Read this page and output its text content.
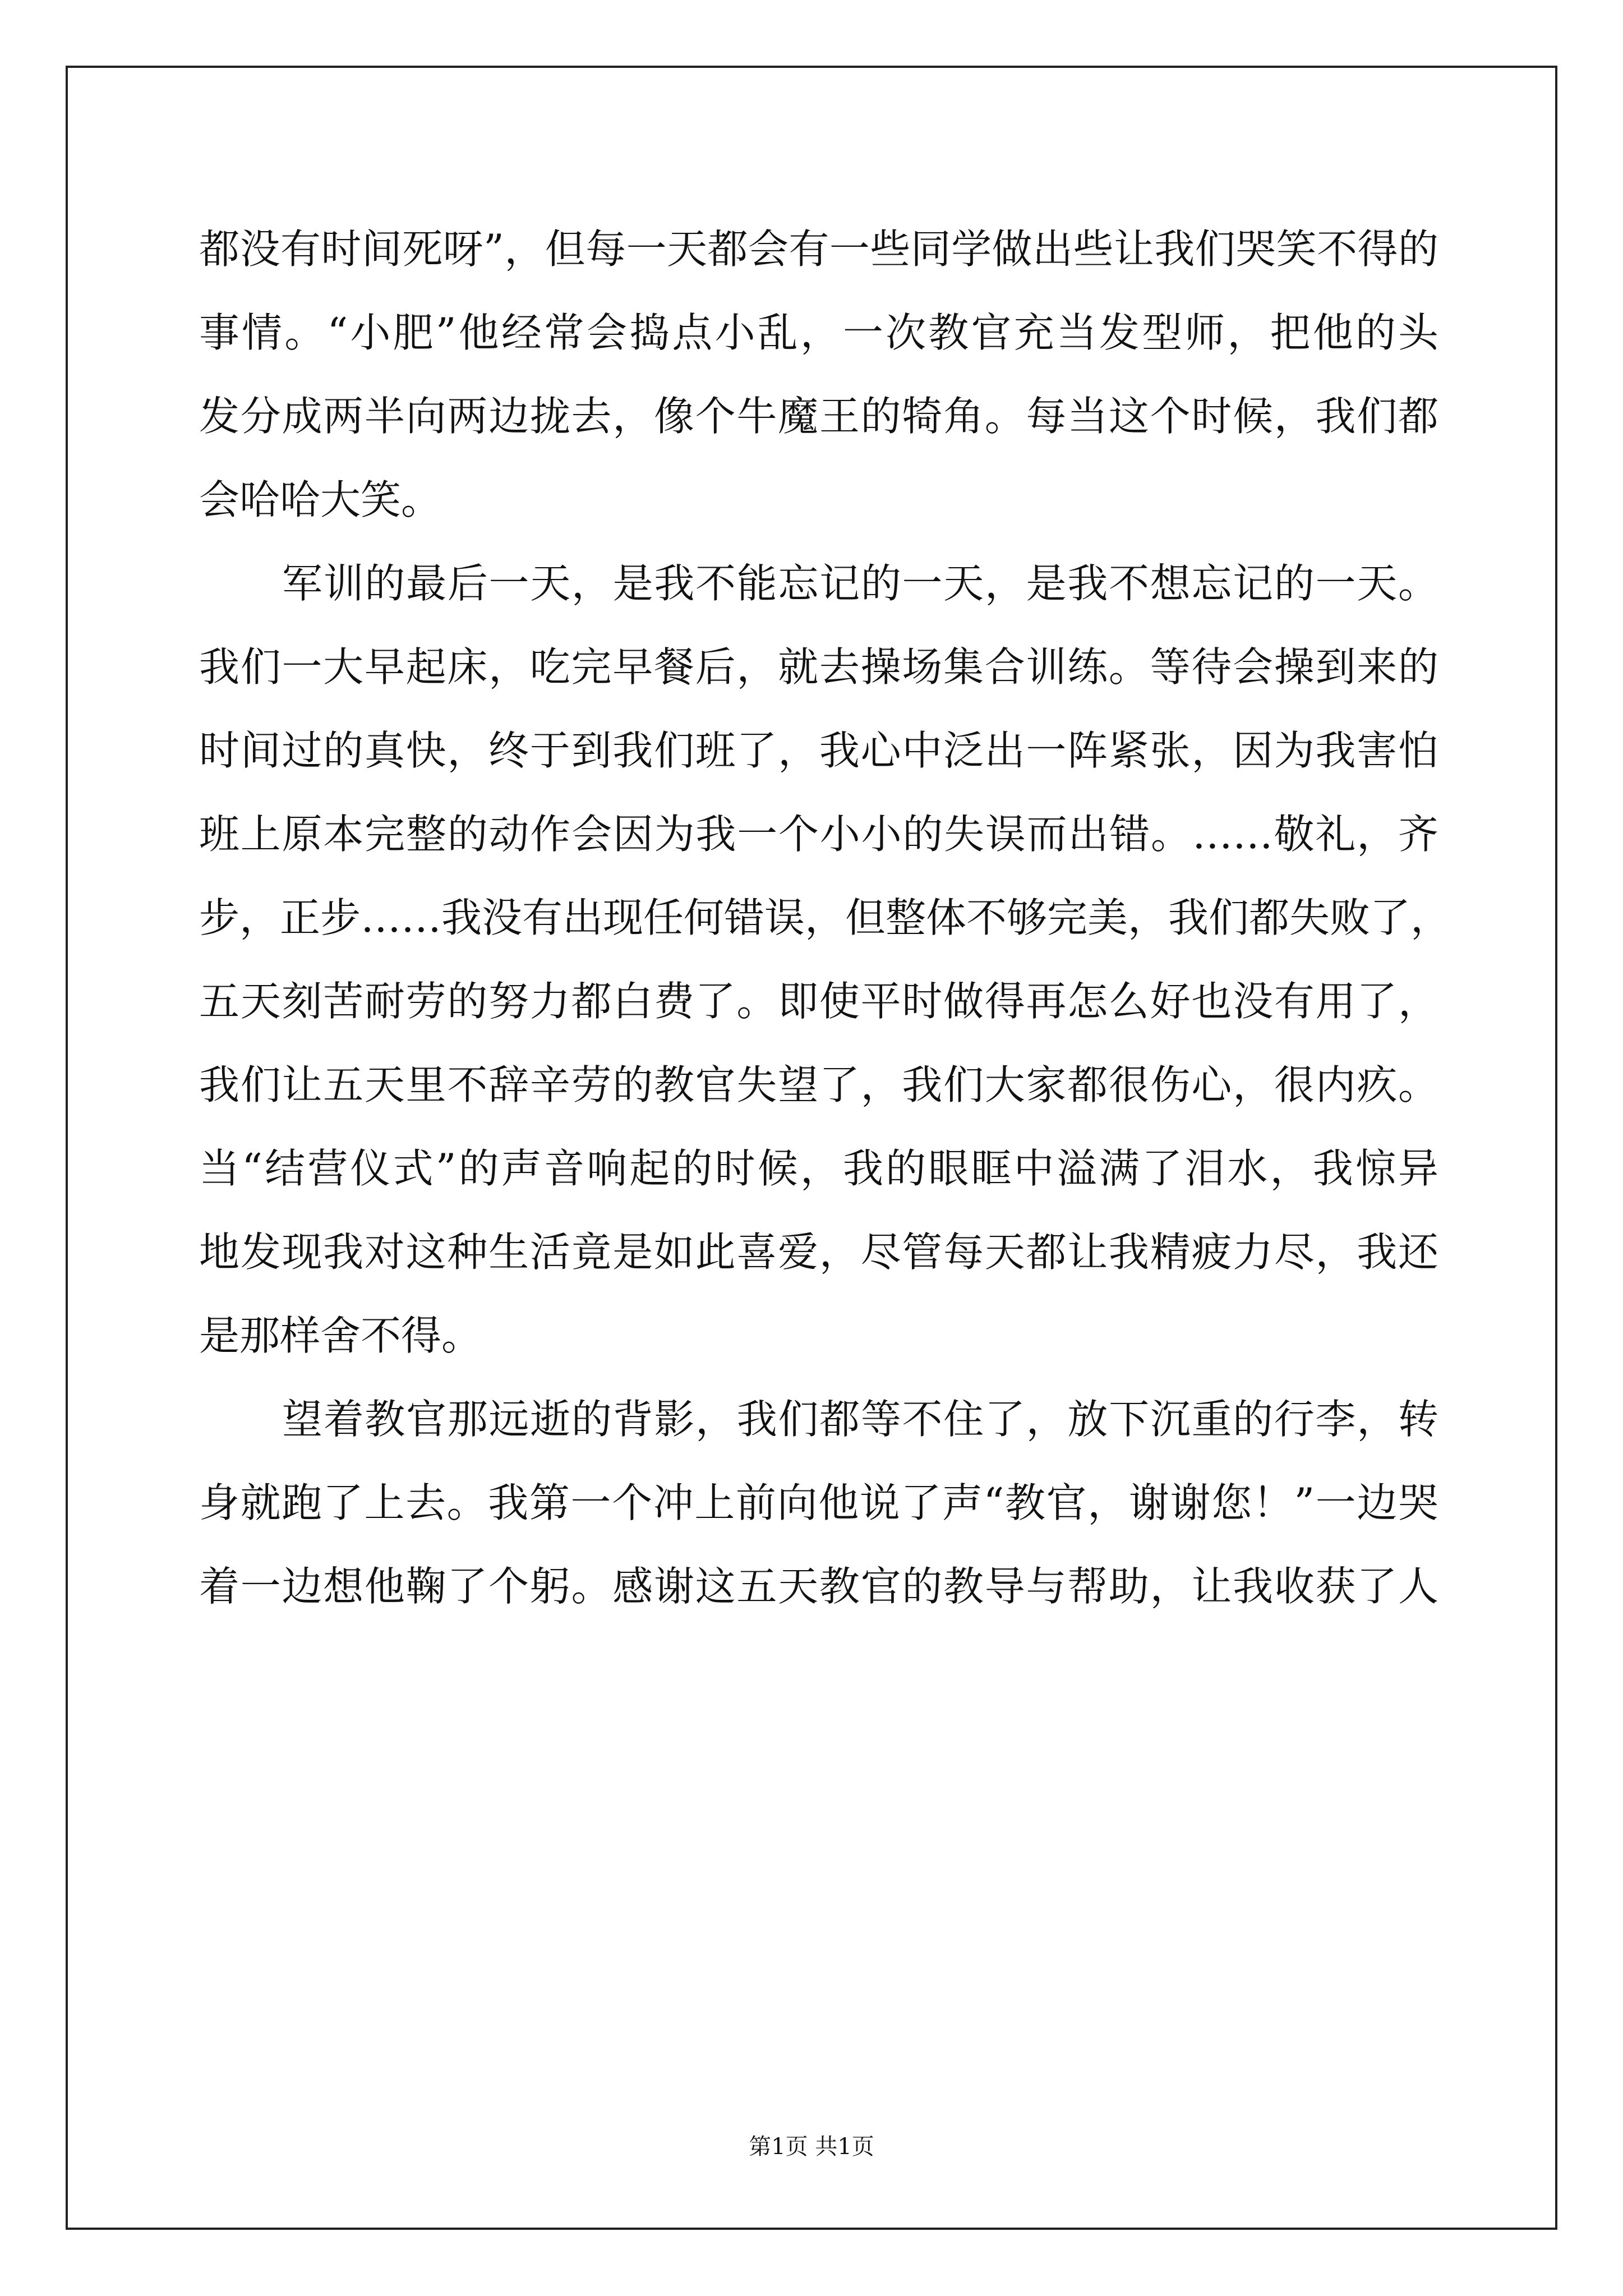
都没有时间死呀”，但每一天都会有一些同学做出些让我们哭笑不得的
事情。“小肥”他经常会捣点小乱，一次教官充当发型师，把他的头
发分成两半向两边拢去，像个牛魔王的犄角。每当这个时候，我们都
会哈哈大笑。
军训的最后一天，是我不能忘记的一天，是我不想忘记的一天。
我们一大早起床，吃完早餐后，就去操场集合训练。等待会操到来的
时间过的真快，终于到我们班了，我心中泛出一阵紧张，因为我害怕
班上原本完整的动作会因为我一个小小的失误而出错。……敬礼，齐
步，正步……我没有出现任何错误，但整体不够完美，我们都失败了，
五天刻苦耐劳的努力都白费了。即使平时做得再怎么好也没有用了，
我们让五天里不辞辛劳的教官失望了，我们大家都很伤心，很内疚。
当“结营仪式”的声音响起的时候，我的眼眶中溢满了泪水，我惊异
地发现我对这种生活竟是如此喜爱，尽管每天都让我精疲力尽，我还
是那样舍不得。
望着教官那远逝的背影，我们都等不住了，放下沉重的行李，转
身就跑了上去。我第一个冲上前向他说了声“教官，谢谢您！”一边哭
着一边想他鞠了个躬。感谢这五天教官的教导与帮助，让我收获了人
第1页 共1页
